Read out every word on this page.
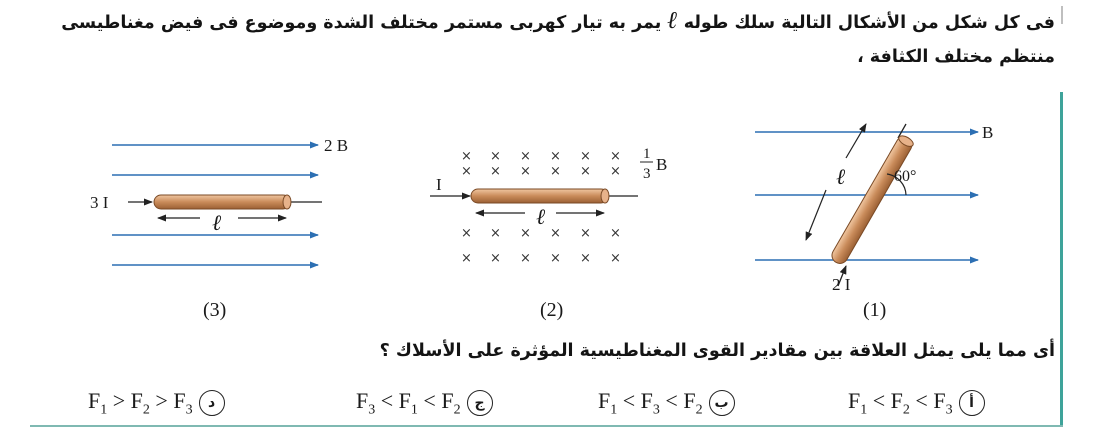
فى كل شكل من الأشكال التالية سلك طوله ℓ يمر به تيار كهربى مستمر مختلف الشدة وموضوع فى فيض مغناطيسى
منتظم مختلف الكثافة ،
2 B
3 I
ℓ
(3)
1
3 B
I
ℓ
(2)
× × × × × ×
× × × × × ×
× × × × × ×
× × × × × ×
B
ℓ	60°
2 I
(1)
أى مما يلى يمثل العلاقة بين مقادير القوى المغناطيسية المؤثرة على الأسلاك ؟
$F_1 < F_2 < F_3$	أ
$F_1 < F_3 < F_2$ ب
$F_3 < F_1 < F_2$ ج
$F_1 > F_2 > F_3$	د
